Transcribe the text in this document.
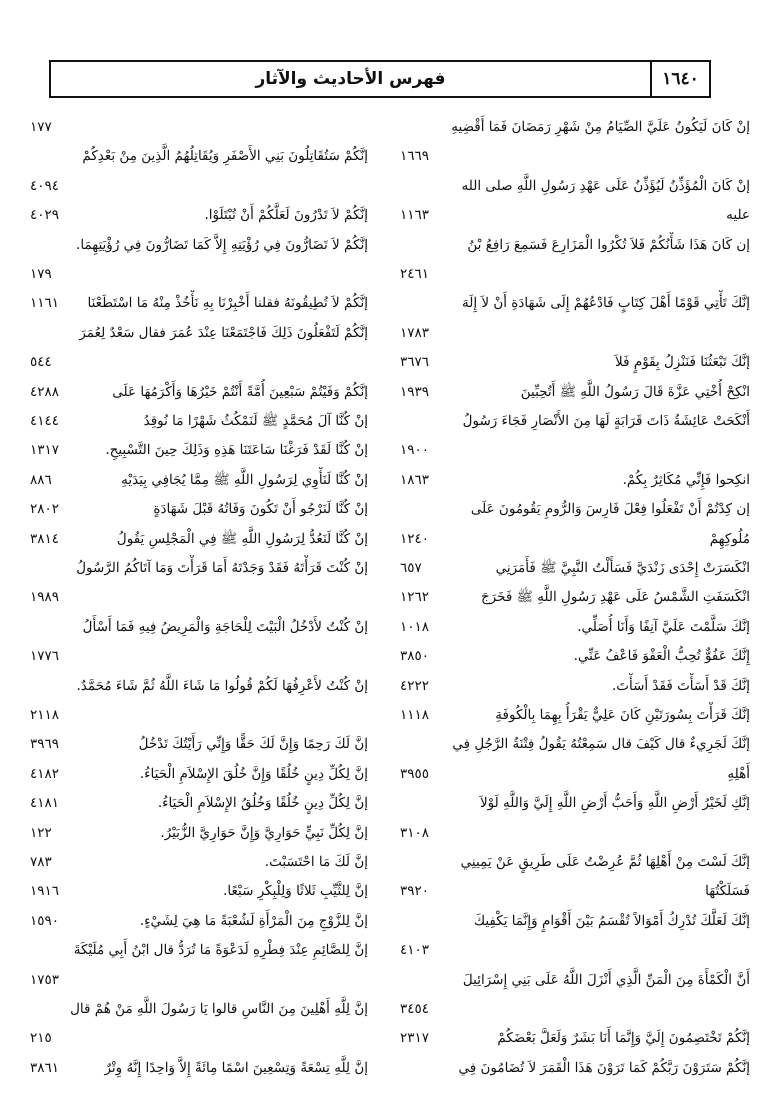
١٦٤٠
فهرس الأحاديث والآثار
إنْ كَانَ لَيَكُونُ عَلَيَّ الصِّيَامُ مِنْ شَهْرِ رَمَضَانَ فَمَا أَقْضِيهِ
١٦٦٩
إنْ كَانَ الْمُؤَذِّنُ لَيُؤَذِّنُ عَلَى عَهْدِ رَسُولِ اللَّهِ صلى الله
عليه
١١٦٣
إن كَانَ هَذَا شَأْنُكُمْ فَلاَ تُكْرُوا الْمَزَارِعَ فَسَمِعَ رَافِعُ بْنُ
٢٤٦١
إنَّكَ تَأْتِي قَوْمًا أَهْلَ كِتَابٍ فَادْعُهُمْ إِلَى شَهَادَةِ أَنْ لاَ إِلَهَ
١٧٨٣
إنَّكَ تَبْعَثُنَا فَنَنْزِلُ بِقَوْمٍ فَلاَ
٣٦٧٦
انْكِحْ أُخْتِي عَزَّةَ قَالَ رَسُولُ اللَّهِ ﷺ أَتُحِبِّينَ
١٩٣٩
أَنْكَحَتْ عَائِشَةُ ذَاتَ قَرَابَةٍ لَهَا مِنَ الأَنْصَارِ فَجَاءَ رَسُولُ
١٩٠٠
انكِحوا فَإِنِّي مُكَاثِرٌ بِكُمْ.
١٨٦٣
إن كِدْتُمْ أَنْ تَفْعَلُوا فِعْلَ فَارِسَ وَالرُّومِ يَقُومُونَ عَلَى
مُلُوكِهِمْ
١٢٤٠
انْكَسَرَتْ إِحْدَى زَنْدَيَّ فَسَأَلْتُ النَّبِيَّ ﷺ فَأَمَرَنِي
٦٥٧
انْكَسَفَتِ الشَّمْسُ عَلَى عَهْدِ رَسُولِ اللَّهِ ﷺ فَخَرَجَ
١٢٦٢
إنَّكَ سَلَّمْتَ عَلَيَّ آنِفًا وَأَنَا أُصَلِّي.
١٠١٨
إِنَّكَ عَفُوٌّ تُحِبُّ الْعَفْوَ فَاعْفُ عَنِّي.
٣٨٥٠
إنَّكَ قَدْ أَسَأْتَ فَقَدْ أَسَأْتَ.
٤٢٢٢
إنَّكَ قَرَأْتَ بِسُورَتَيْنِ كَانَ عَلِيٌّ يَقْرَأُ بِهِمَا بِالْكُوفَةِ
١١١٨
إنَّكَ لَجَرِيءٌ قال كَيْفَ قال سَمِعْتُهُ يَقُولُ فِتْنَةُ الرَّجُلِ فِي
أَهْلِهِ
٣٩٥٥
إنَّكِ لَخَيْرُ أَرْضِ اللَّهِ وَأَحَبُّ أَرْضِ اللَّهِ إِلَيَّ وَاللَّهِ لَوْلاَ
٣١٠٨
إنَّكَ لَسْتَ مِنْ أَهْلِهَا ثُمَّ عُرِضْتُ عَلَى طَرِيقٍ عَنْ يَمِينِي
فَسَلَكْتُهَا
٣٩٢٠
إنَّكَ لَعَلَّكَ تُدْرِكُ أَمْوَالاً تُقْسَمُ بَيْنَ أَقْوَامٍ وَإِنَّمَا يَكْفِيكَ
٤١٠٣
أَنَّ الْكَمْأَةَ مِنَ الْمَنِّ الَّذِي أَنْزَلَ اللَّهُ عَلَى بَنِي إِسْرَائِيلَ
٣٤٥٤
إنَّكُمْ تَخْتَصِمُونَ إِلَيَّ وَإِنَّمَا أَنَا بَشَرٌ وَلَعَلَّ بَعْضَكُمْ
٢٣١٧
إنَّكُمْ سَتَرَوْنَ رَبَّكُمْ كَمَا تَرَوْنَ هَذَا الْقَمَرَ لاَ تُضَامُونَ فِي
١٧٧
إنَّكُمْ سَتُقَاتِلُونَ بَنِي الأَصْفَرِ وَيُقَاتِلُهُمُ الَّذِينَ مِنْ بَعْدِكُمْ
٤٠٩٤
إنَّكُمْ لاَ تَدْرُونَ لَعَلَّكُمْ أَنْ تُبْتَلَوْا.
٤٠٢٩
إنَّكُمْ لاَ تَضَارُّونَ فِي رُؤْيَتِهِ إِلاَّ كَمَا تَضَارُّونَ فِي رُؤْيَتِهِمَا.
١٧٩
إنَّكُمْ لاَ تُطِيقُونَهُ فقلنا أَخْبِرْنَا بِهِ نَأْخُذْ مِنْهُ مَا اسْتَطَعْنَا
١١٦١
إنَّكُمْ لَتَفْعَلُونَ ذَلِكَ فَاجْتَمَعْنَا عِنْدَ عُمَرَ فقال سَعْدٌ لِعُمَرَ
٥٤٤
إنَّكُمْ وَفَيْتُمْ سَبْعِينَ أُمَّةً أَنْتُمْ خَيْرُهَا وَأَكْرَمُهَا عَلَى
٤٢٨٨
إنْ كُنَّا آلَ مُحَمَّدٍ ﷺ لَنَمْكُثُ شَهْرًا مَا نُوقِدُ
٤١٤٤
إنْ كُنَّا لَقَدْ فَرَغْنَا سَاعَتَنَا هَذِهِ وَذَلِكَ حِينَ التَّسْبِيحِ.
١٣١٧
إنْ كُنَّا لَنَأْوِي لِرَسُولِ اللَّهِ ﷺ مِمَّا يُجَافِي بِيَدَيْهِ
٨٨٦
إنْ كُنَّا لَنَرْجُو أَنْ تَكُونَ وَفَاتُهُ قَبْلَ شَهَادَةٍ
٢٨٠٢
إنْ كُنَّا لَنَعُدُّ لِرَسُولِ اللَّهِ ﷺ فِي الْمَجْلِسِ يَقُولُ
٣٨١٤
إنْ كُنْتَ قَرَأْتَهُ فَقَدْ وَجَدْتَهُ أَمَا قَرَأْتَ وَمَا آتَاكُمُ الرَّسُولُ
١٩٨٩
إنْ كُنْتُ لأَدْخُلُ الْبَيْتَ لِلْحَاجَةِ وَالْمَرِيضُ فِيهِ فَمَا أَسْأَلُ
١٧٧٦
إنْ كُنْتُ لأَعْرِفُهَا لَكُمْ قُولُوا مَا شَاءَ اللَّهُ ثُمَّ شَاءَ مُحَمَّدٌ.
٢١١٨
إنَّ لَكَ رَحِمًا وَإِنَّ لَكَ حَقًّا وَإِنِّي رَأَيْتُكَ تَدْخُلُ
٣٩٦٩
إنَّ لِكُلِّ دِينٍ خُلُقًا وَإِنَّ خُلُقَ الإِسْلاَمِ الْحَيَاءُ.
٤١٨٢
إنَّ لِكُلِّ دِينٍ خُلُقًا وَخُلُقُ الإِسْلاَمِ الْحَيَاءُ.
٤١٨١
إنَّ لِكُلِّ نَبِيٍّ حَوَارِيَّ وَإِنَّ حَوَارِيَّ الزُّبَيْرُ.
١٢٢
إنَّ لَكَ مَا احْتَسَبْتَ.
٧٨٣
إنَّ لِلثَّيِّبِ ثَلاثًا وَلِلْبِكْرِ سَبْعًا.
١٩١٦
إنَّ لِلزَّوْجِ مِنَ الْمَرْأَةِ لَشُعْبَةً مَا هِيَ لِشَيْءٍ.
١٥٩٠
إنَّ لِلصَّائِمِ عِنْدَ فِطْرِهِ لَدَعْوَةً مَا تُرَدُّ قال ابْنُ أَبِي مُلَيْكَةَ
١٧٥٣
إنَّ لِلَّهِ أَهْلِينَ مِنَ النَّاسِ قالوا يَا رَسُولَ اللَّهِ مَنْ هُمْ قال
٢١٥
إنَّ لِلَّهِ تِسْعَةً وَتِسْعِينَ اسْمًا مِائَةً إِلاَّ وَاحِدًا إِنَّهُ وِتْرٌ
٣٨٦١
